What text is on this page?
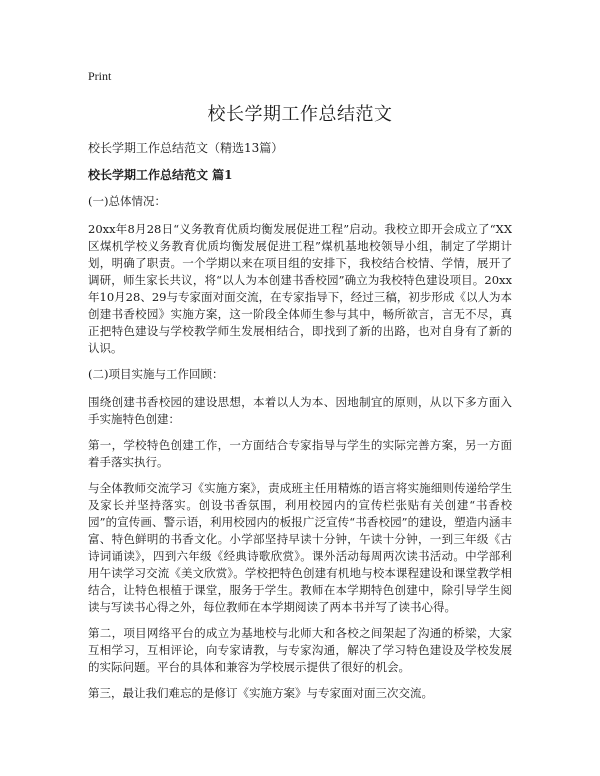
Print
校长学期工作总结范文

校长学期工作总结范文（精选13篇）

校长学期工作总结范文 篇1

(一)总体情况：

20xx年8月28日“义务教育优质均衡发展促进工程”启动。我校立即开会成立了“XX区煤机学校义务教育优质均衡发展促进工程”煤机基地校领导小组，制定了学期计划，明确了职责。一个学期以来在项目组的安排下，我校结合校情、学情，展开了调研，师生家长共议，将“以人为本创建书香校园”确立为我校特色建设项目。20xx年10月28、29与专家面对面交流，在专家指导下，经过三稿，初步形成《以人为本创建书香校园》实施方案，这一阶段全体师生参与其中，畅所欲言，言无不尽，真正把特色建设与学校教学师生发展相结合，即找到了新的出路，也对自身有了新的认识。

(二)项目实施与工作回顾：

围绕创建书香校园的建设思想，本着以人为本、因地制宜的原则，从以下多方面入手实施特色创建：

第一，学校特色创建工作，一方面结合专家指导与学生的实际完善方案，另一方面着手落实执行。

与全体教师交流学习《实施方案》，责成班主任用精炼的语言将实施细则传递给学生及家长并坚持落实。创设书香氛围，利用校园内的宣传栏张贴有关创建“书香校园”的宣传画、警示语，利用校园内的板报广泛宣传“书香校园”的建设，塑造内涵丰富、特色鲜明的书香文化。小学部坚持早读十分钟，午读十分钟，一到三年级《古诗词诵读》，四到六年级《经典诗歌欣赏》。课外活动每周两次读书活动。中学部利用午读学习交流《美文欣赏》。学校把特色创建有机地与校本课程建设和课堂教学相结合，让特色根植于课堂，服务于学生。教师在本学期特色创建中，除引导学生阅读与写读书心得之外，每位教师在本学期阅读了两本书并写了读书心得。

第二，项目网络平台的成立为基地校与北师大和各校之间架起了沟通的桥梁，大家互相学习，互相评论，向专家请教，与专家沟通，解决了学习特色建设及学校发展的实际问题。平台的具体和兼容为学校展示提供了很好的机会。

第三，最让我们难忘的是修订《实施方案》与专家面对面三次交流。
